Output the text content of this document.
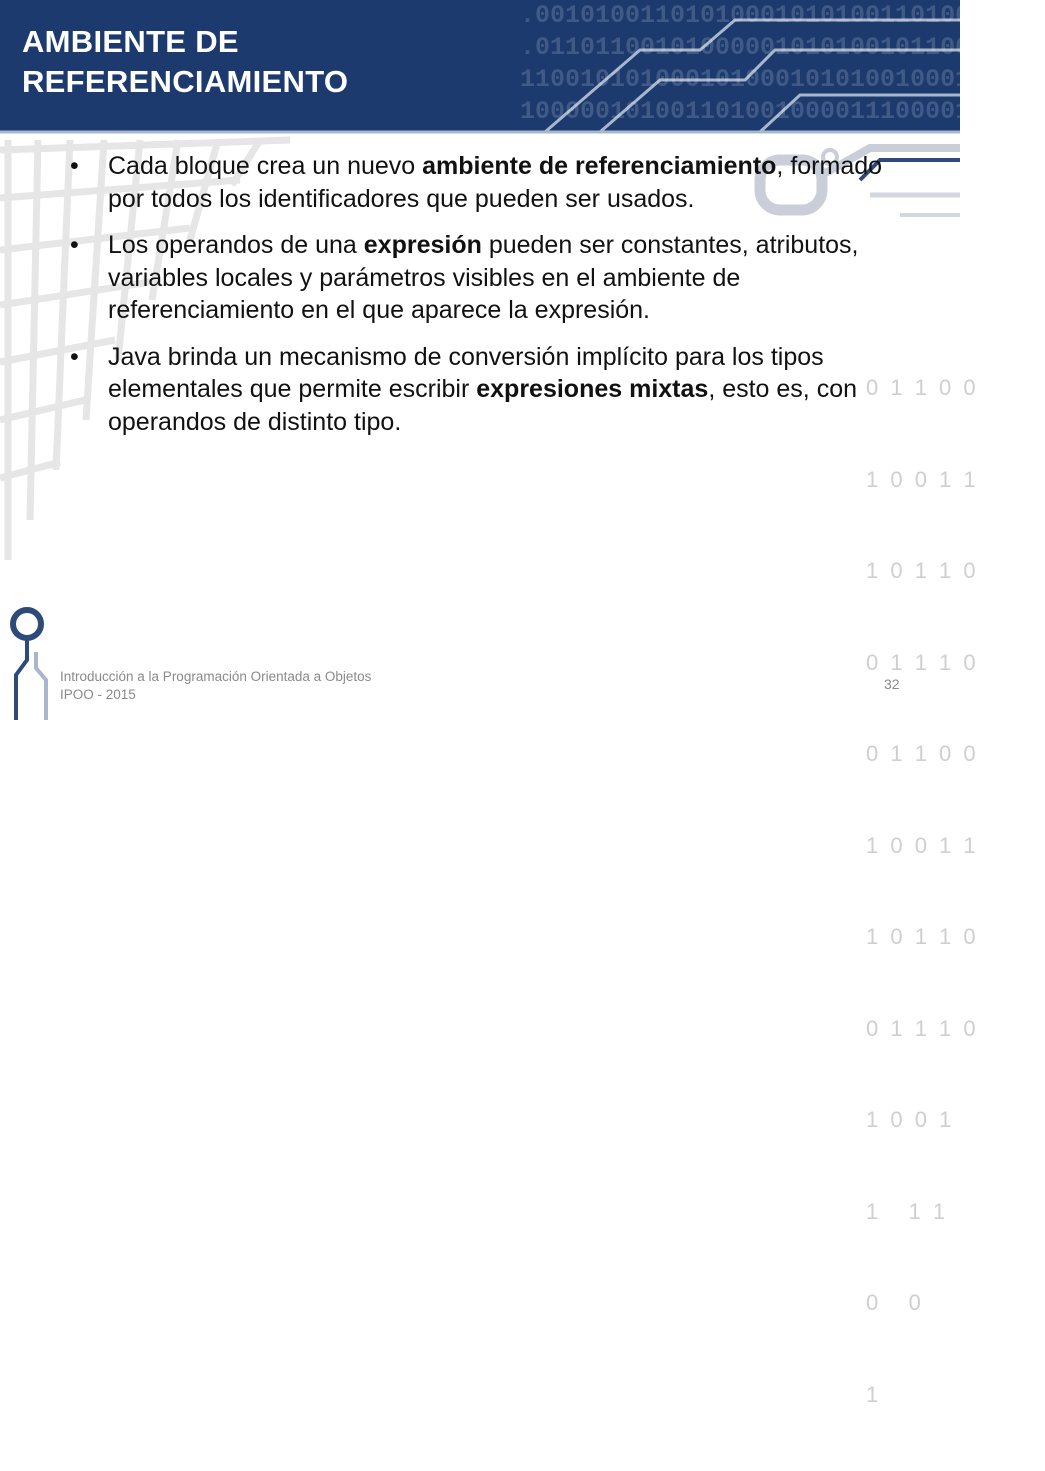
.0010100110101000101010011010010011
.01101100101000001010100101100101
11001010100010100010101001000101
10000010100110100100001110000101
AMBIENTE DE
REFERENCIAMIENTO

0 1 1 0 0

1 0 0 1 1

1 0 1 1 0

0 1 1 1 0

0 1 1 0 0

1 0 0 1 1

1 0 1 1 0

0 1 1 1 0

1 0 0 1

1   1 1

0   0

1

• Cada bloque crea un nuevo ambiente de referenciamiento, formado por todos los identificadores que pueden ser usados.
• Los operandos de una expresión pueden ser constantes, atributos, variables locales y parámetros visibles en el ambiente de referenciamiento en el que aparece la expresión.
• Java brinda un mecanismo de conversión implícito para los tipos elementales que permite escribir expresiones mixtas, esto es, con operandos de distinto tipo.
Introducción a la Programación Orientada a Objetos
IPOO - 2015
32
